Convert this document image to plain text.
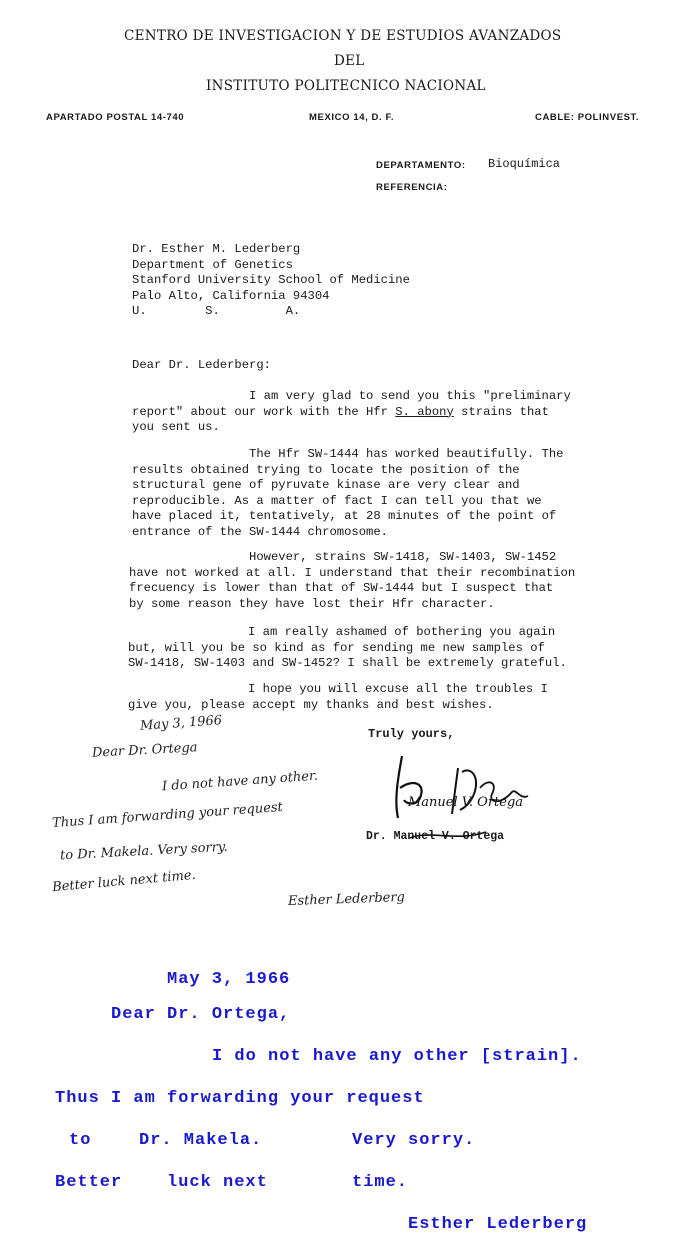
CENTRO DE INVESTIGACION Y DE ESTUDIOS AVANZADOS
DEL
INSTITUTO POLITECNICO NACIONAL
APARTADO POSTAL 14-740	MEXICO 14, D. F.	CABLE: POLINVEST.
DEPARTAMENTO: Bioquímica
REFERENCIA:
Dr. Esther M. Lederberg
Department of Genetics
Stanford University School of Medicine
Palo Alto, California 94304
U.        S.         A.
Dear Dr. Lederberg:
I am very glad to send you this "preliminary
report" about our work with the Hfr S. abony strains that
you sent us.
The Hfr SW-1444 has worked beautifully. The
results obtained trying to locate the position of the
structural gene of pyruvate kinase are very clear and
reproducible. As a matter of fact I can tell you that we
have placed it, tentatively, at 28 minutes of the point of
entrance of the SW-1444 chromosome.
However, strains SW-1418, SW-1403, SW-1452
have not worked at all. I understand that their recombination
frecuency is lower than that of SW-1444 but I suspect that
by some reason they have lost their Hfr character.
I am really ashamed of bothering you again
but, will you be so kind as for sending me new samples of
SW-1418, SW-1403 and SW-1452? I shall be extremely grateful.
I hope you will excuse all the troubles I
give you, please accept my thanks and best wishes.
Truly yours,
Manuel V. Ortega
Dr. Manuel V. Ortega
May 3, 1966
Dear Dr. Ortega
I do not have any other.
Thus I am forwarding your request
to Dr. Makela. Very sorry.
Better luck next time.
Esther Lederberg
May 3, 1966
Dear Dr. Ortega,
I do not have any other [strain].
Thus I am forwarding your request
to	Dr. Makela.	Very sorry.
Better	luck next	time.
Esther Lederberg
